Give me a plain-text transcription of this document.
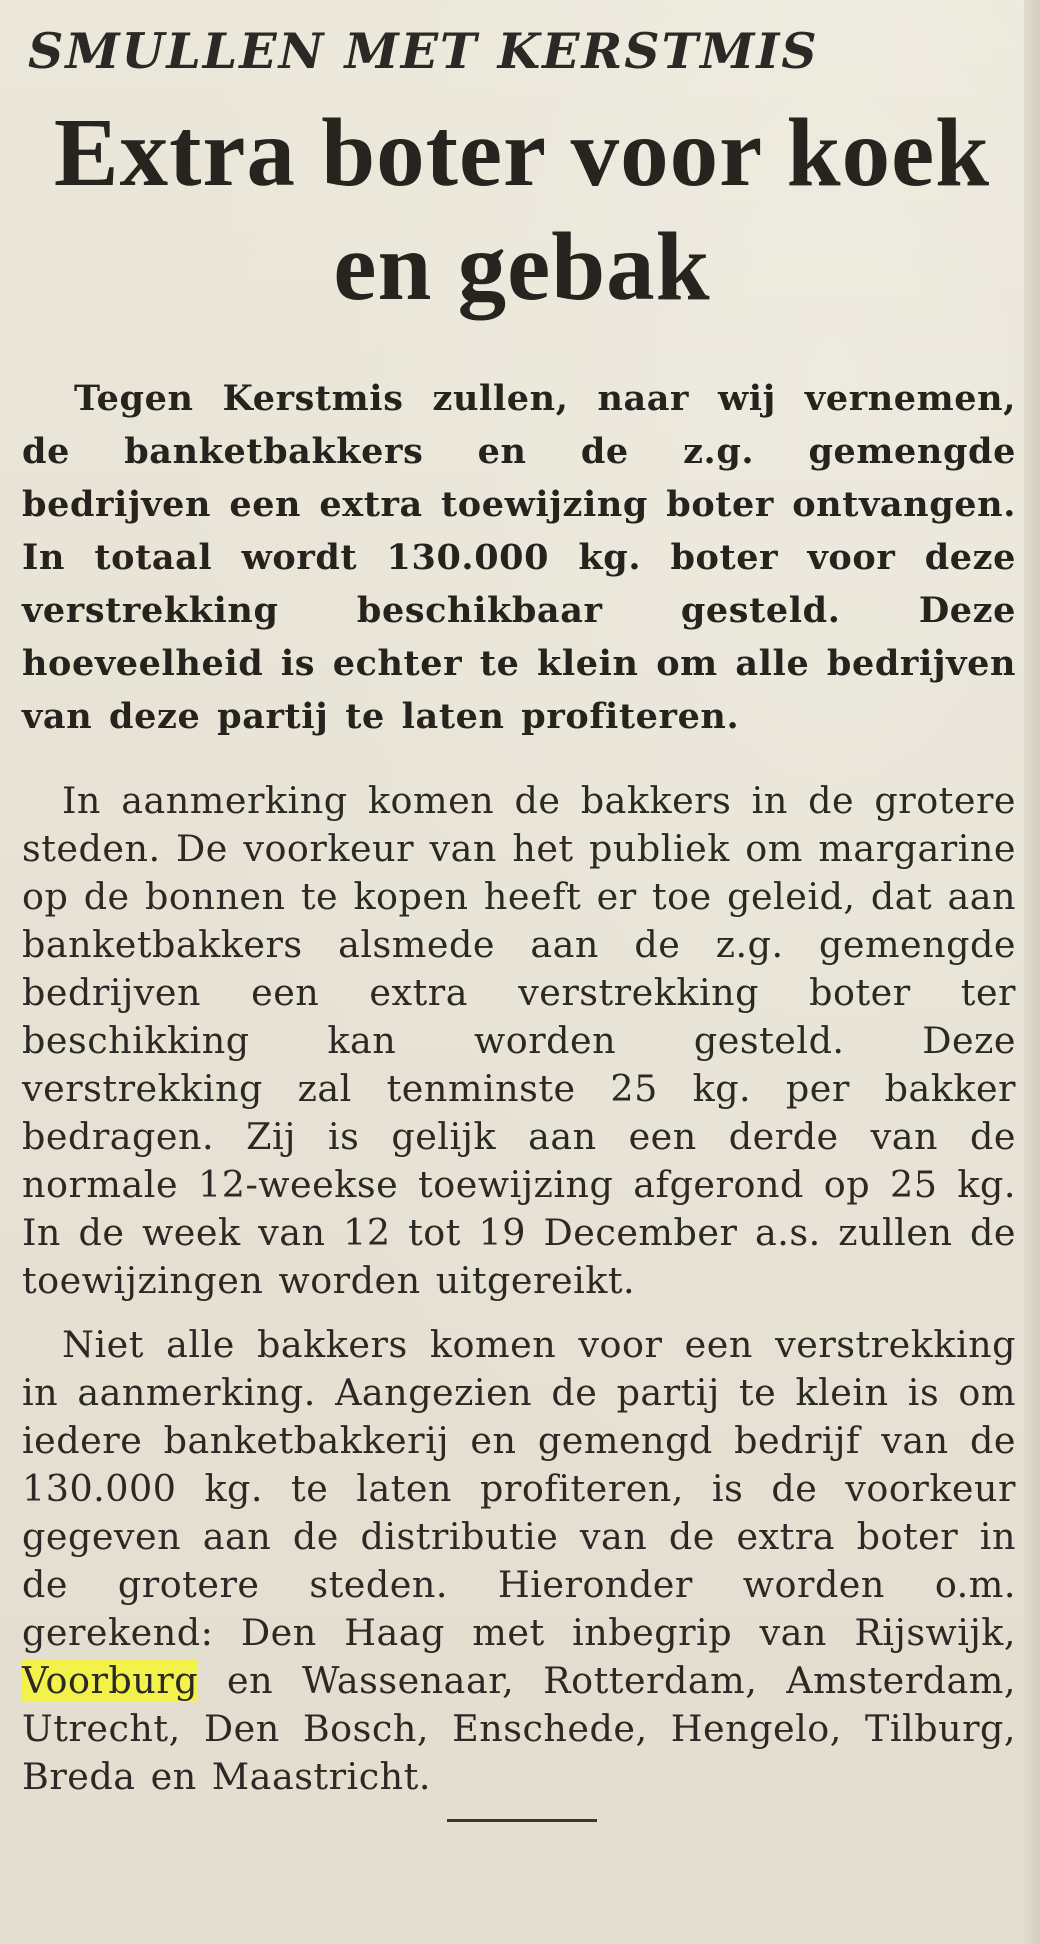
SMULLEN MET KERSTMIS
Extra boter voor koek en gebak

Tegen Kerstmis zullen, naar wij vernemen, de banketbakkers en de z.g. gemengde bedrijven een extra toewijzing boter ontvangen. In totaal wordt 130.000 kg. boter voor deze verstrekking beschikbaar gesteld. Deze hoeveelheid is echter te klein om alle bedrijven van deze partij te laten profiteren.

In aanmerking komen de bakkers in de grotere steden. De voorkeur van het publiek om margarine op de bonnen te kopen heeft er toe geleid, dat aan banketbakkers alsmede aan de z.g. gemengde bedrijven een extra verstrekking boter ter beschikking kan worden gesteld. Deze verstrekking zal tenminste 25 kg. per bakker bedragen. Zij is gelijk aan een derde van de normale 12-weekse toewijzing afgerond op 25 kg. In de week van 12 tot 19 December a.s. zullen de toewijzingen worden uitgereikt.

Niet alle bakkers komen voor een verstrekking in aanmerking. Aangezien de partij te klein is om iedere banketbakkerij en gemengd bedrijf van de 130.000 kg. te laten profiteren, is de voorkeur gegeven aan de distributie van de extra boter in de grotere steden. Hieronder worden o.m. gerekend: Den Haag met inbegrip van Rijswijk, Voorburg en Wassenaar, Rotterdam, Amsterdam, Utrecht, Den Bosch, Enschede, Hengelo, Tilburg, Breda en Maastricht.
